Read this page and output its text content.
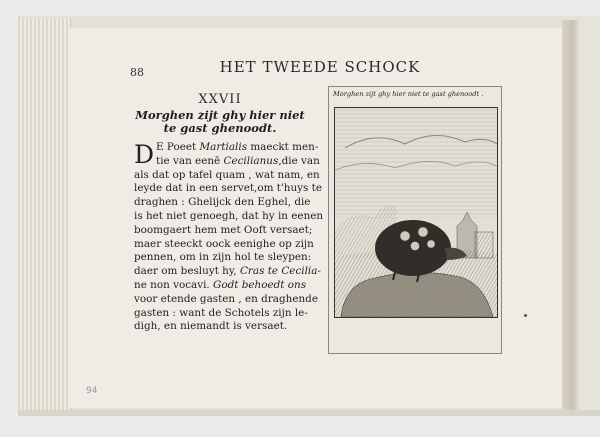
88	HET TWEEDE SCHOCK
XXVII
Morghen zijt ghy hier niet
te gast ghenoodt.
D E Poeet Martialis maeckt men-
tie van eenē Cecilianus,die van
als dat op tafel quam , wat nam, en
leyde dat in een servet,om t'huys te
draghen : Ghelijck den Eghel, die
is het niet genoegh, dat hy in eenen
boomgaert hem met Ooft versaet;
maer steeckt oock eenighe op zijn
pennen, om in zijn hol te sleypen:
daer om besluyt hy, Cras te Cecilia-
ne non vocavi. Godt behoedt ons
voor etende gasten , en draghende
gasten : want de Schotels zijn le-
digh, en niemandt is versaet.
Morghen zijt ghy hier niet te gast ghenoodt .
94
